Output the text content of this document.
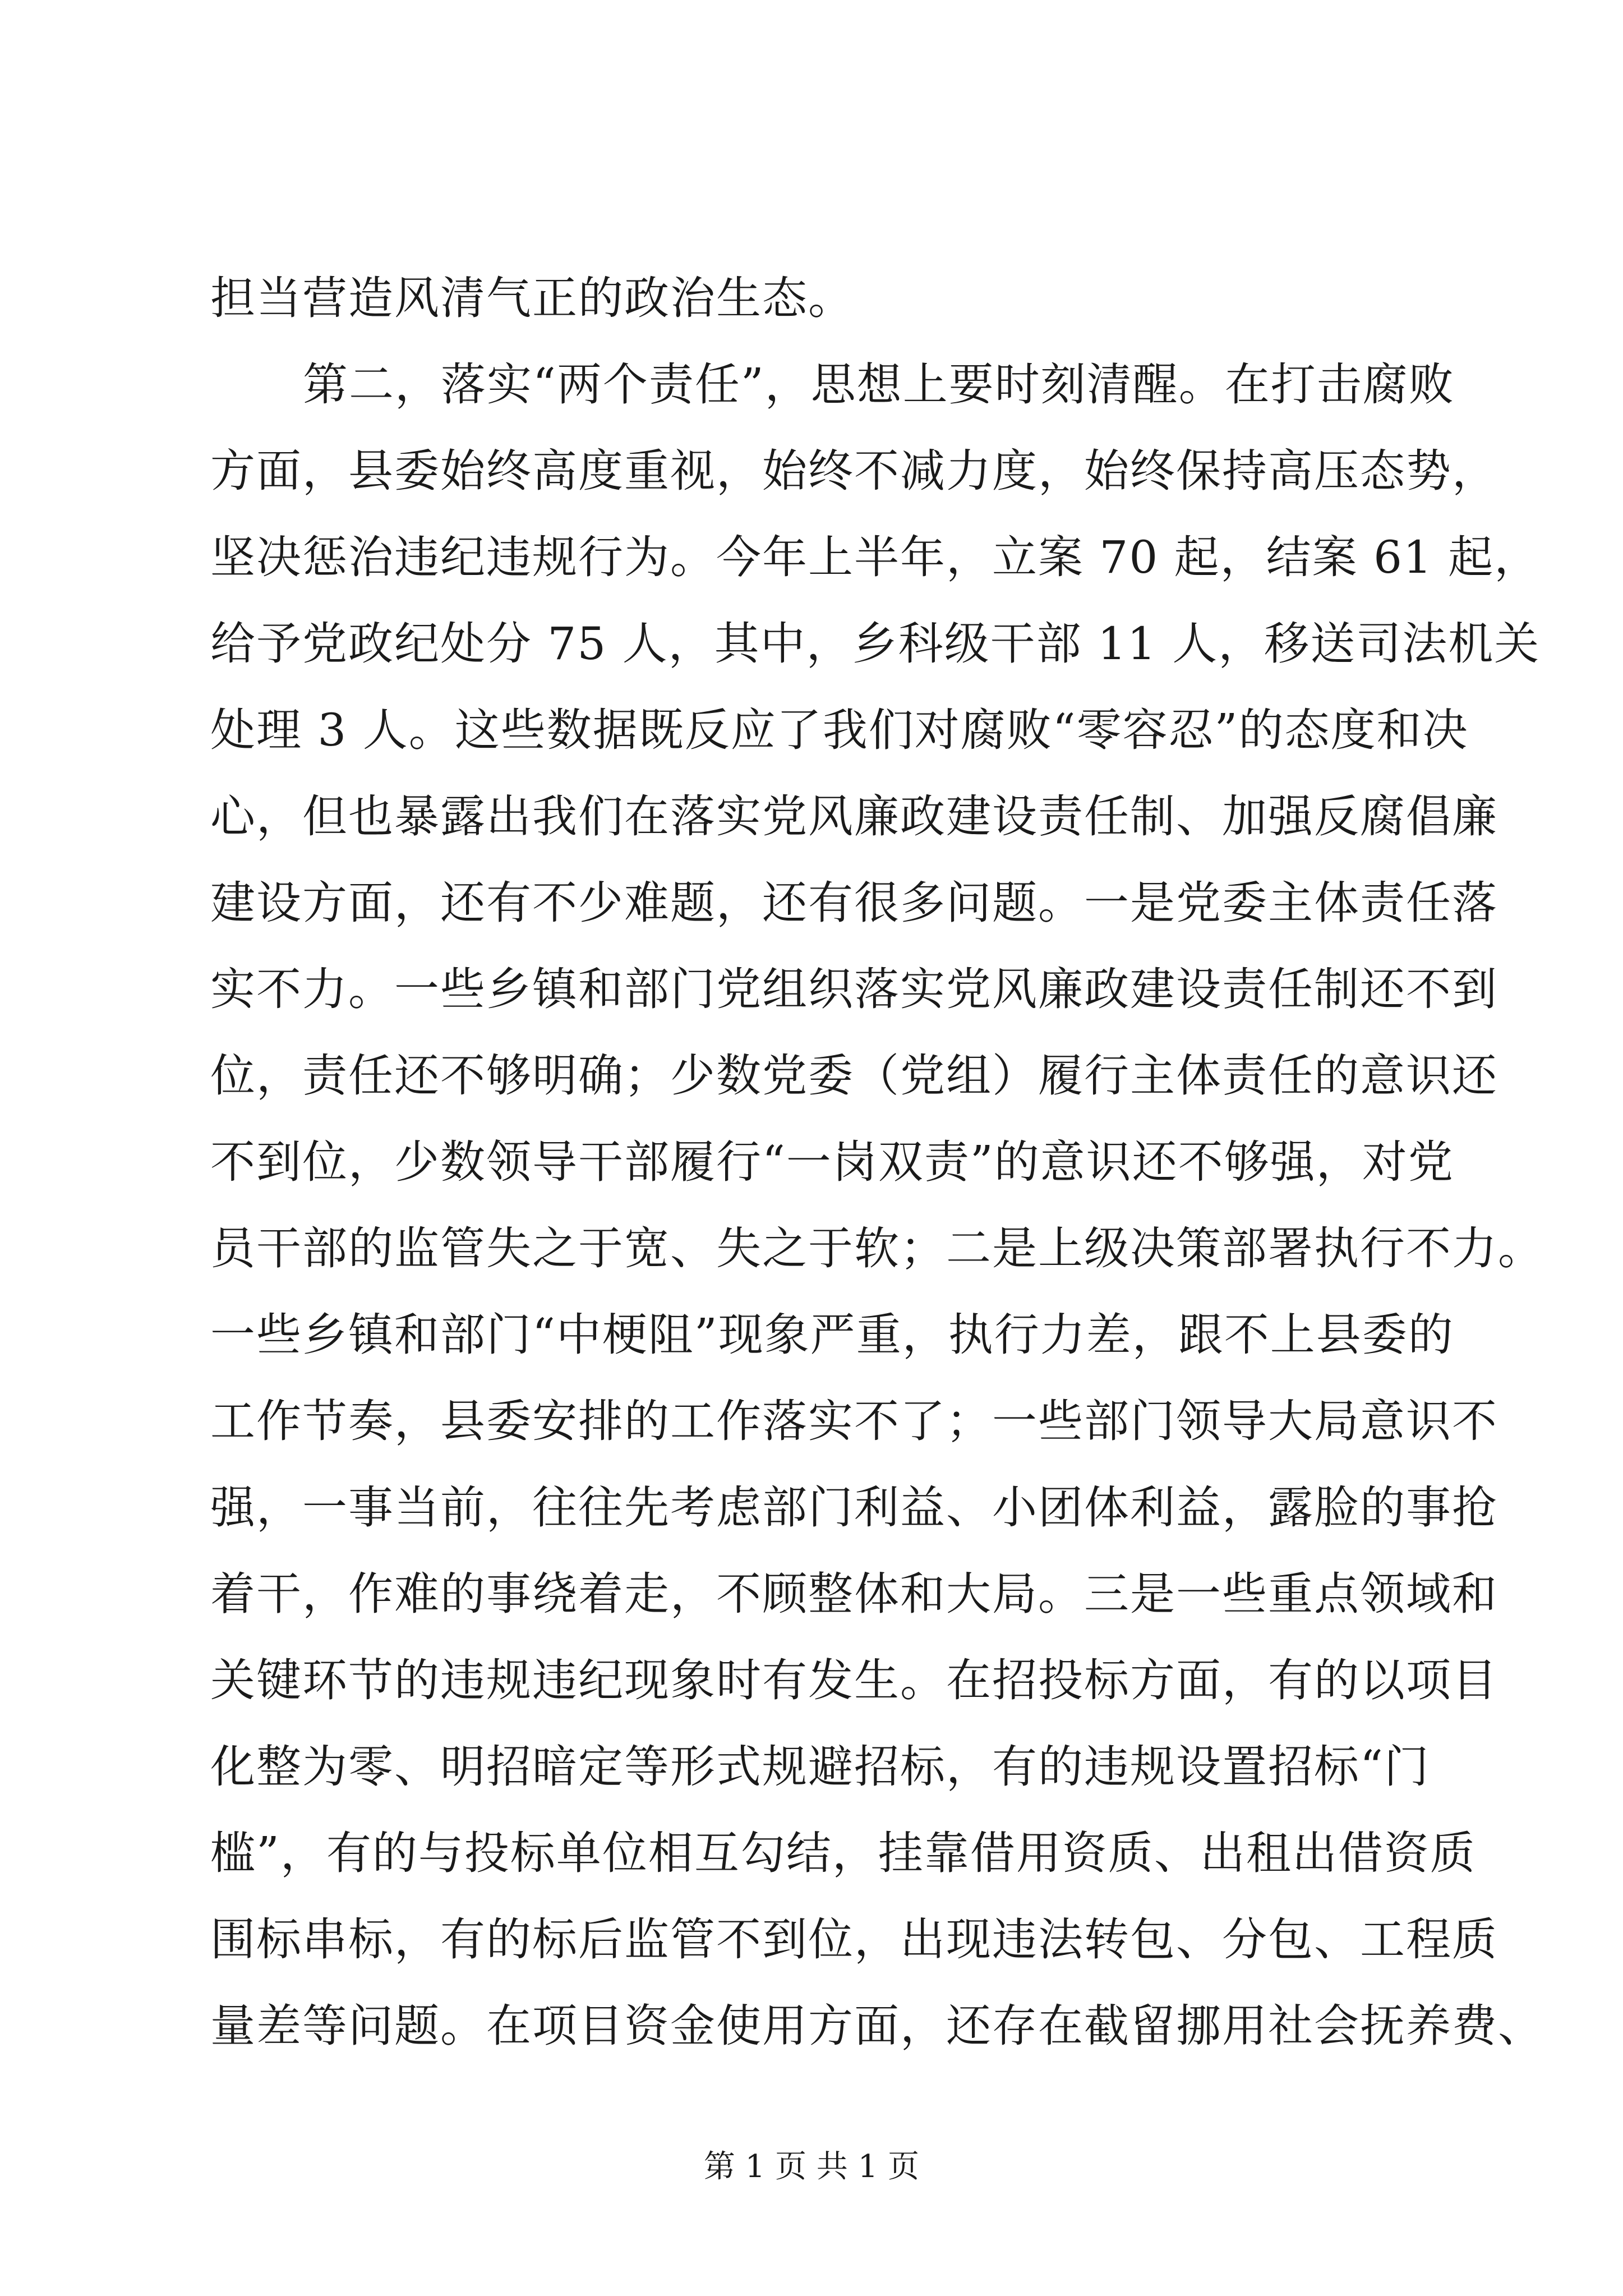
担当营造风清气正的政治生态。
第二，落实“两个责任”，思想上要时刻清醒。在打击腐败
方面，县委始终高度重视，始终不减力度，始终保持高压态势，
坚决惩治违纪违规行为。今年上半年，立案 70 起，结案 61 起，
给予党政纪处分 75 人，其中，乡科级干部 11 人，移送司法机关
处理 3 人。这些数据既反应了我们对腐败“零容忍”的态度和决
心，但也暴露出我们在落实党风廉政建设责任制、加强反腐倡廉
建设方面，还有不少难题，还有很多问题。一是党委主体责任落
实不力。一些乡镇和部门党组织落实党风廉政建设责任制还不到
位，责任还不够明确；少数党委（党组）履行主体责任的意识还
不到位，少数领导干部履行“一岗双责”的意识还不够强，对党
员干部的监管失之于宽、失之于软；二是上级决策部署执行不力。
一些乡镇和部门“中梗阻”现象严重，执行力差，跟不上县委的
工作节奏，县委安排的工作落实不了；一些部门领导大局意识不
强，一事当前，往往先考虑部门利益、小团体利益，露脸的事抢
着干，作难的事绕着走，不顾整体和大局。三是一些重点领域和
关键环节的违规违纪现象时有发生。在招投标方面，有的以项目
化整为零、明招暗定等形式规避招标，有的违规设置招标“门
槛”，有的与投标单位相互勾结，挂靠借用资质、出租出借资质
围标串标，有的标后监管不到位，出现违法转包、分包、工程质
量差等问题。在项目资金使用方面，还存在截留挪用社会抚养费、
第 1 页 共 1 页
